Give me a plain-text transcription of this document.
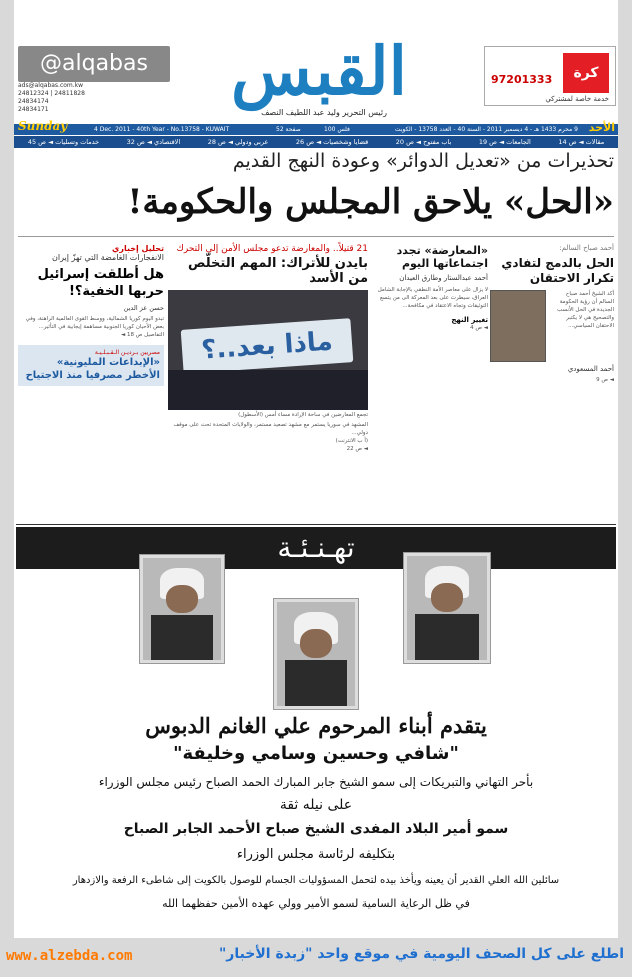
القبس
رئيس التحرير وليد عبد اللطيف النصف
@alqabas
ads@alqabas.com.kw
24812324 | 24811828
24834174
24834171
كرة
97201333
خدمة خاصة لمشتركي
Sunday	4 Dec. 2011 - 40th Year - No.13758 - KUWAIT	52 صفحة	100 فلس	9 محرم 1433 هـ - 4 ديسمبر 2011 - السنة 40 - العدد 13758 - الكويت الأحد
مقالات ◄ ص 14
الجامعات ◄ ص 19
باب مفتوح ◄ ص 20
قضايا وشخصيات ◄ ص 26
عربي ودولي ◄ ص 28
الاقتصادي ◄ ص 32
خدمات وتسليات ◄ ص 45
تحذيرات من «تعديل الدوائر» وعودة النهج القديم
«الحل» يلاحق المجلس والحكومة!
أحمد صباح السالم:
الحل بالدمج لتفادي تكرار الاحتقان
أكد الشيخ أحمد صباح السالم أن رؤية الحكومة الجديدة في الحل الأنسب والتصحيح هي لا يكتبر الاحتقان السياسي...
أحمد المسعودي
◄ ص 9
«المعارضة» تجدد اجتماعاتها اليوم
أحمد عبدالستار وطارق العيدان
لا يزال على معاصر الأمة النطقي بالإجابة الشامل العراق، سيطرت على بعد المعركة الى من يتسع التوثيقات وتجاه الاعتقاد في مكافحة...
تغيير النهج
◄ ص 4
21 قتيلاً.. والمعارضة تدعو مجلس الأمن إلى التحرك
بايدن للأتراك: المهم التخلّص من الأسد
ماذا بعد..؟
تجمع المعارضين في ساحة الإرادة مساء أمس (الأسطول)
المشهد في سوريا يستمر مع مشهد تصعيد مستمر، والولايات المتحدة تحث على موقف دولي...
(أ ب الانترنت)
◄ ص 22
تحليل إخباري
الانفجارات الغامضة التي تهزّ إيران
هل أطلقت إسرائيل حربها الخفية؟!
حسن عز الدين
تبدو اليوم كوريا الشمالية، ووسط القوى العالمية الراهنة، وفي بعض الأحيان كوريا الجنوبية مساهمة إيجابية في التأثير...
التفاصيل ص 18 ◄
مصريين بـرديـن الـقـبـلـيـة
«الإبداعات المليونية» الأخطر مصرفيا منذ الاجتياح
تهـنـئـة
يتقدم أبناء المرحوم علي الغانم الدبوس
"شافي وحسين وسامي وخليفة"
بأحر التهاني والتبريكات إلى سمو الشيخ جابر المبارك الحمد الصباح رئيس مجلس الوزراء
على نيله ثقة
سمو أمير البلاد المفدى الشيخ صباح الأحمد الجابر الصباح
بتكليفه لرئاسة مجلس الوزراء
سائلين الله العلي القدير أن يعينه ويأخذ بيده لتحمل المسؤوليات الجسام للوصول بالكويت إلى شاطىء الرفعة والازدهار
في ظل الرعاية السامية لسمو الأمير وولي عهده الأمين حفظهما الله
www.alzebda.com	اطلع على كل الصحف اليومية في موقع واحد "زبدة الأخبار"
